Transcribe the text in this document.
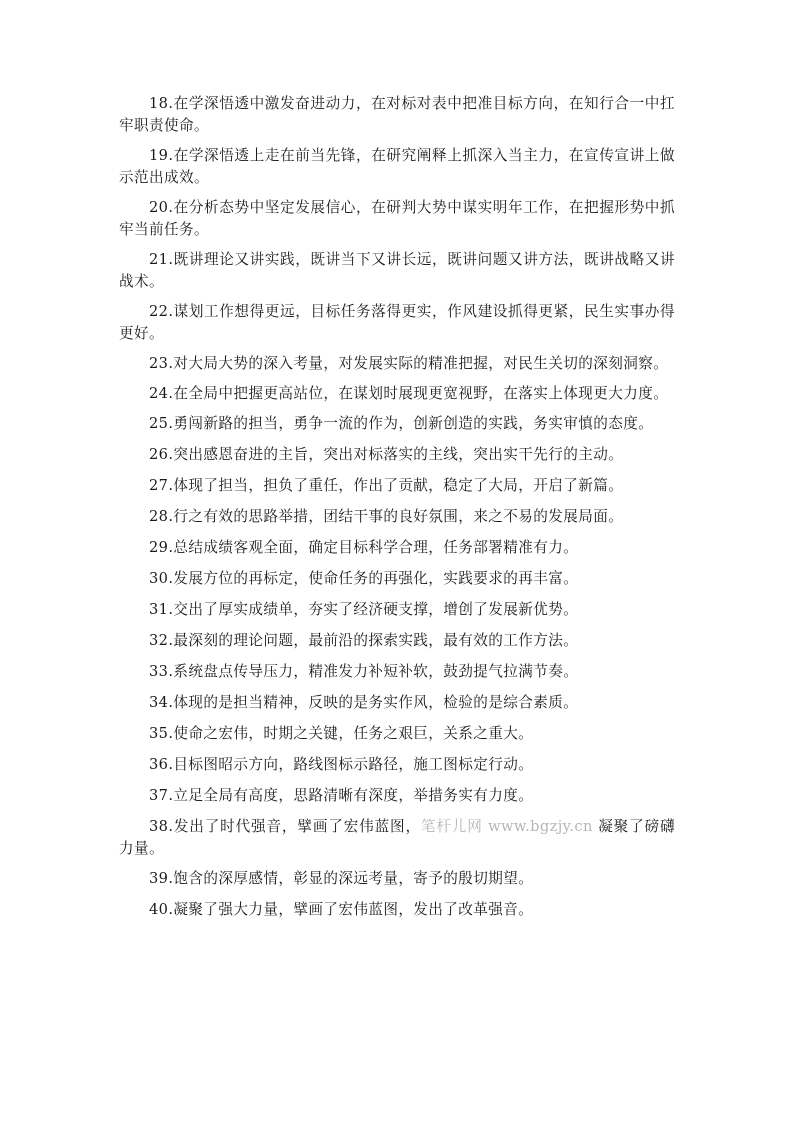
18.在学深悟透中激发奋进动力，在对标对表中把准目标方向，在知行合一中扛牢职责使命。

19.在学深悟透上走在前当先锋，在研究阐释上抓深入当主力，在宣传宣讲上做示范出成效。

20.在分析态势中坚定发展信心，在研判大势中谋实明年工作，在把握形势中抓牢当前任务。

21.既讲理论又讲实践，既讲当下又讲长远，既讲问题又讲方法，既讲战略又讲战术。

22.谋划工作想得更远，目标任务落得更实，作风建设抓得更紧，民生实事办得更好。

23.对大局大势的深入考量，对发展实际的精准把握，对民生关切的深刻洞察。

24.在全局中把握更高站位，在谋划时展现更宽视野，在落实上体现更大力度。

25.勇闯新路的担当，勇争一流的作为，创新创造的实践，务实审慎的态度。

26.突出感恩奋进的主旨，突出对标落实的主线，突出实干先行的主动。

27.体现了担当，担负了重任，作出了贡献，稳定了大局，开启了新篇。

28.行之有效的思路举措，团结干事的良好氛围，来之不易的发展局面。

29.总结成绩客观全面，确定目标科学合理，任务部署精准有力。

30.发展方位的再标定，使命任务的再强化，实践要求的再丰富。

31.交出了厚实成绩单，夯实了经济硬支撑，增创了发展新优势。

32.最深刻的理论问题，最前沿的探索实践，最有效的工作方法。

33.系统盘点传导压力，精准发力补短补软，鼓劲提气拉满节奏。

34.体现的是担当精神，反映的是务实作风，检验的是综合素质。

35.使命之宏伟，时期之关键，任务之艰巨，关系之重大。

36.目标图昭示方向，路线图标示路径，施工图标定行动。

37.立足全局有高度，思路清晰有深度，举措务实有力度。

38.发出了时代强音，擘画了宏伟蓝图，笔杆儿网 www.bgzjy.cn 凝聚了磅礴力量。

39.饱含的深厚感情，彰显的深远考量，寄予的殷切期望。

40.凝聚了强大力量，擘画了宏伟蓝图，发出了改革强音。
